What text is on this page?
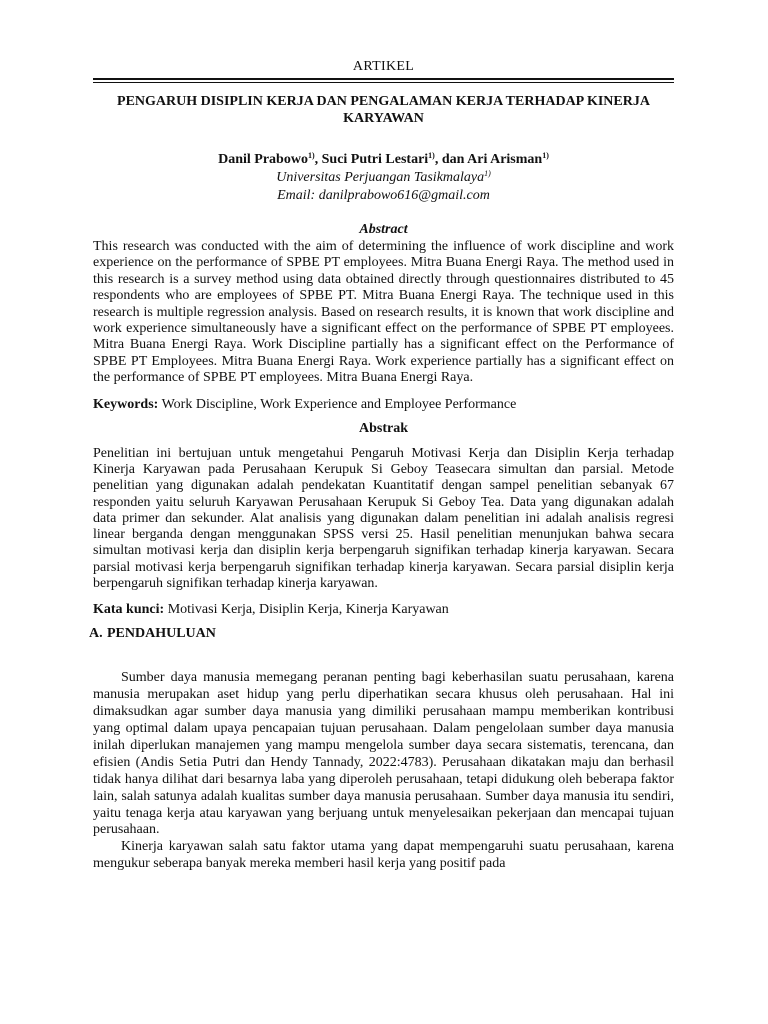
ARTIKEL
PENGARUH DISIPLIN KERJA DAN PENGALAMAN KERJA TERHADAP KINERJA KARYAWAN
Danil Prabowo$^{1)}$, Suci Putri Lestari$^{1)}$, dan Ari Arisman$^{1)}$
Universitas Perjuangan Tasikmalaya$^{1)}$
Email: danilprabowo616@gmail.com
Abstract
This research was conducted with the aim of determining the influence of work discipline and work experience on the performance of SPBE PT employees. Mitra Buana Energi Raya. The method used in this research is a survey method using data obtained directly through questionnaires distributed to 45 respondents who are employees of SPBE PT. Mitra Buana Energi Raya. The technique used in this research is multiple regression analysis. Based on research results, it is known that work discipline and work experience simultaneously have a significant effect on the performance of SPBE PT employees. Mitra Buana Energi Raya. Work Discipline partially has a significant effect on the Performance of SPBE PT Employees. Mitra Buana Energi Raya. Work experience partially has a significant effect on the performance of SPBE PT employees. Mitra Buana Energi Raya.
Keywords: Work Discipline, Work Experience and Employee Performance
Abstrak
Penelitian ini bertujuan untuk mengetahui Pengaruh Motivasi Kerja dan Disiplin Kerja terhadap Kinerja Karyawan pada Perusahaan Kerupuk Si Geboy Teasecara simultan dan parsial. Metode penelitian yang digunakan adalah pendekatan Kuantitatif dengan sampel penelitian sebanyak 67 responden yaitu seluruh Karyawan Perusahaan Kerupuk Si Geboy Tea. Data yang digunakan adalah data primer dan sekunder. Alat analisis yang digunakan dalam penelitian ini adalah analisis regresi linear berganda dengan menggunakan SPSS versi 25. Hasil penelitian menunjukan bahwa secara simultan motivasi kerja dan disiplin kerja berpengaruh signifikan terhadap kinerja karyawan. Secara parsial motivasi kerja berpengaruh signifikan terhadap kinerja karyawan. Secara parsial disiplin kerja berpengaruh signifikan terhadap kinerja karyawan.
Kata kunci: Motivasi Kerja, Disiplin Kerja, Kinerja Karyawan
A. PENDAHULUAN
Sumber daya manusia memegang peranan penting bagi keberhasilan suatu perusahaan, karena manusia merupakan aset hidup yang perlu diperhatikan secara khusus oleh perusahaan. Hal ini dimaksudkan agar sumber daya manusia yang dimiliki perusahaan mampu memberikan kontribusi yang optimal dalam upaya pencapaian tujuan perusahaan. Dalam pengelolaan sumber daya manusia inilah diperlukan manajemen yang mampu mengelola sumber daya secara sistematis, terencana, dan efisien (Andis Setia Putri dan Hendy Tannady, 2022:4783). Perusahaan dikatakan maju dan berhasil tidak hanya dilihat dari besarnya laba yang diperoleh perusahaan, tetapi didukung oleh beberapa faktor lain, salah satunya adalah kualitas sumber daya manusia perusahaan. Sumber daya manusia itu sendiri, yaitu tenaga kerja atau karyawan yang berjuang untuk menyelesaikan pekerjaan dan mencapai tujuan perusahaan.
Kinerja karyawan salah satu faktor utama yang dapat mempengaruhi suatu perusahaan, karena mengukur seberapa banyak mereka memberi hasil kerja yang positif pada
